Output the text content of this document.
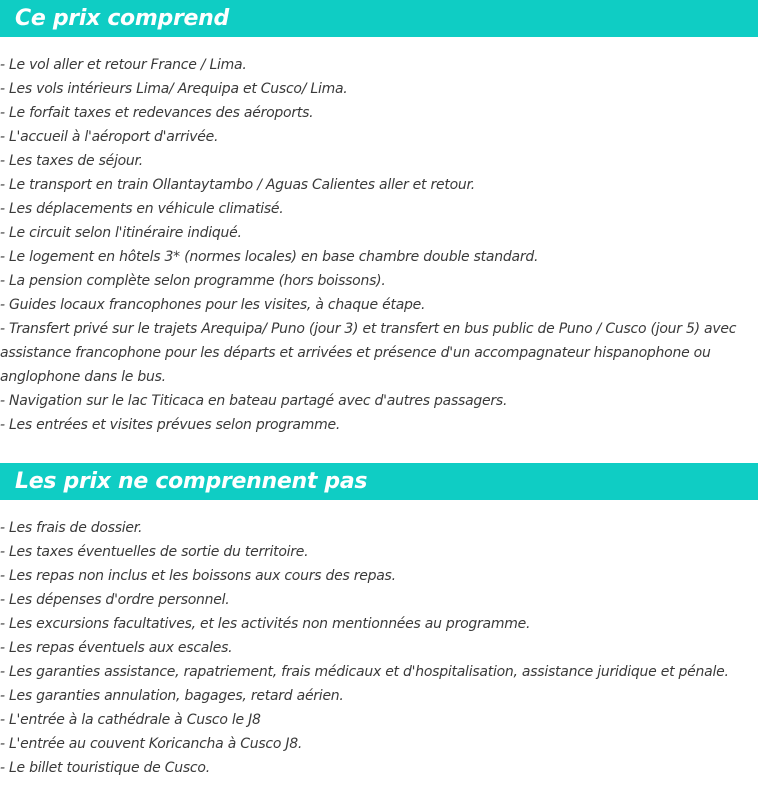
Ce prix comprend
- Le vol aller et retour France / Lima.
- Les vols intérieurs Lima/ Arequipa et Cusco/ Lima.
- Le forfait taxes et redevances des aéroports.
- L'accueil à l'aéroport d'arrivée.
- Les taxes de séjour.
- Le transport en train Ollantaytambo / Aguas Calientes aller et retour.
- Les déplacements en véhicule climatisé.
- Le circuit selon l'itinéraire indiqué.
- Le logement en hôtels 3* (normes locales) en base chambre double standard.
- La pension complète selon programme (hors boissons).
- Guides locaux francophones pour les visites, à chaque étape.
- Transfert privé sur le trajets Arequipa/ Puno (jour 3) et transfert en bus public de Puno / Cusco (jour 5) avec assistance francophone pour les départs et arrivées et présence d'un accompagnateur hispanophone ou anglophone dans le bus.
- Navigation sur le lac Titicaca en bateau partagé avec d'autres passagers.
- Les entrées et visites prévues selon programme.
Les prix ne comprennent pas
- Les frais de dossier.
- Les taxes éventuelles de sortie du territoire.
- Les repas non inclus et les boissons aux cours des repas.
- Les dépenses d'ordre personnel.
- Les excursions facultatives, et les activités non mentionnées au programme.
- Les repas éventuels aux escales.
- Les garanties assistance, rapatriement, frais médicaux et d'hospitalisation, assistance juridique et pénale.
- Les garanties annulation, bagages, retard aérien.
- L'entrée à la cathédrale à Cusco le J8
- L'entrée au couvent Koricancha à Cusco J8.
- Le billet touristique de Cusco.
